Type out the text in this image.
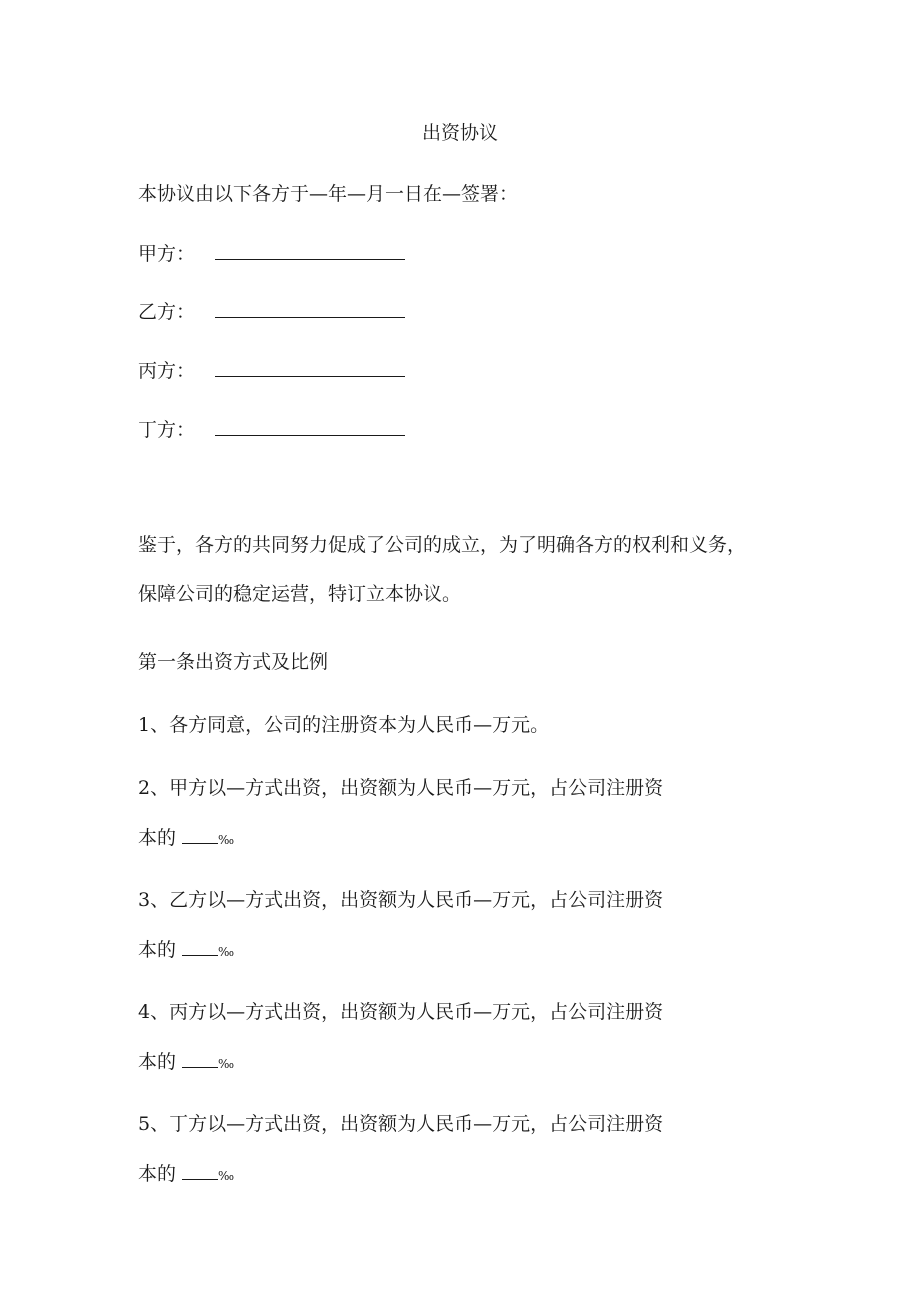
出资协议

本协议由以下各方于—年—月一日在—签署：

甲方：
乙方：
丙方：
丁方：

鉴于，各方的共同努力促成了公司的成立，为了明确各方的权利和义务，

保障公司的稳定运营，特订立本协议。

第一条出资方式及比例

1、各方同意，公司的注册资本为人民币—万元。

2、甲方以—方式出资，出资额为人民币—万元，占公司注册资

本的	‰

3、乙方以—方式出资，出资额为人民币—万元，占公司注册资

本的	‰

4、丙方以—方式出资，出资额为人民币—万元，占公司注册资

本的	‰

5、丁方以—方式出资，出资额为人民币—万元，占公司注册资

本的	‰
